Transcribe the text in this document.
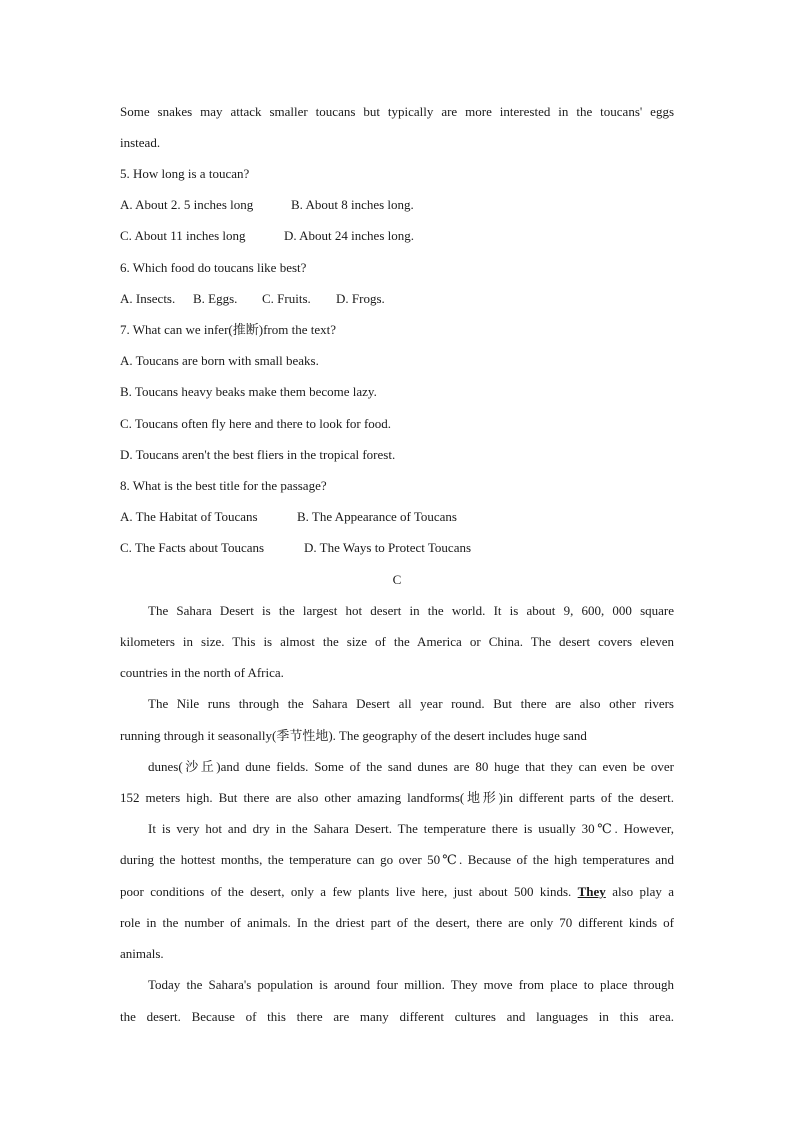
Some snakes may attack smaller toucans but typically are more interested in the toucans' eggs
instead.
5. How long is a toucan?
A. About 2. 5 inches long	B. About 8 inches long.
C. About 11 inches long	D. About 24 inches long.
6. Which food do toucans like best?
A. Insects. B. Eggs. C. Fruits. D. Frogs.
7. What can we infer(推断)from the text?
A. Toucans are born with small beaks.
B. Toucans heavy beaks make them become lazy.
C. Toucans often fly here and there to look for food.
D. Toucans aren't the best fliers in the tropical forest.
8. What is the best title for the passage?
A. The Habitat of Toucans	B. The Appearance of Toucans
C. The Facts about Toucans	D. The Ways to Protect Toucans
C
The Sahara Desert is the largest hot desert in the world. It is about 9, 600, 000 square
kilometers in size. This is almost the size of the America or China. The desert covers eleven
countries in the north of Africa.
The Nile runs through the Sahara Desert all year round. But there are also other rivers
running through it seasonally(季节性地). The geography of the desert includes huge sand
dunes(沙丘)and dune fields. Some of the sand dunes are 80 huge that they can even be over
152 meters high. But there are also other amazing landforms(地形)in different parts of the desert.
It is very hot and dry in the Sahara Desert. The temperature there is usually 30℃. However,
during the hottest months, the temperature can go over 50℃. Because of the high temperatures and
poor conditions of the desert, only a few plants live here, just about 500 kinds. They also play a
role in the number of animals. In the driest part of the desert, there are only 70 different kinds of
animals.
Today the Sahara's population is around four million. They move from place to place through
the desert. Because of this there are many different cultures and languages in this area.
